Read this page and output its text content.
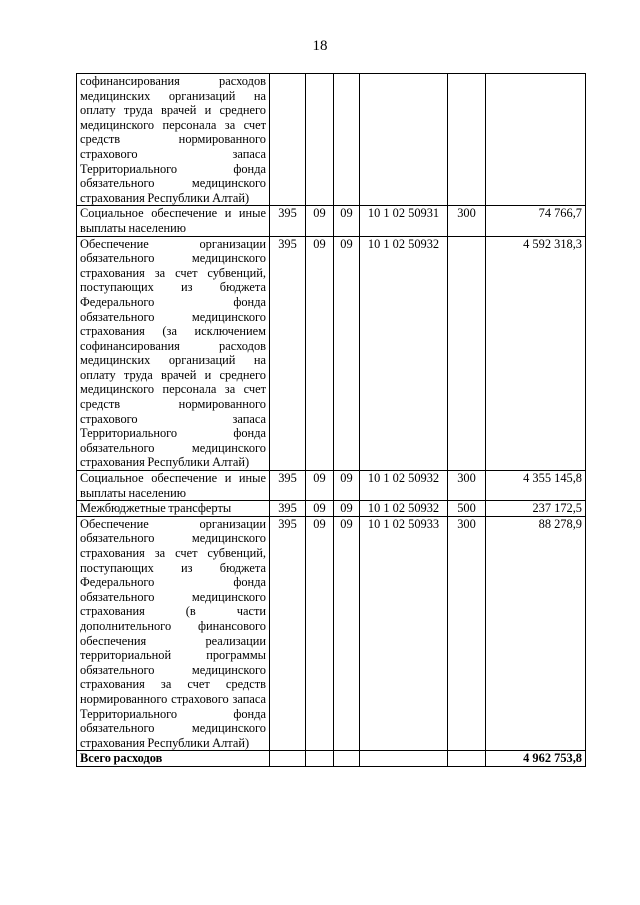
18
софинансирования расходов медицинских организаций на оплату труда врачей и среднего медицинского персонала за счет средств нормированного страхового запаса Территориального фонда обязательного медицинского страхования Республики Алтай)						
Социальное обеспечение и иные выплаты населению	395	09	09	10 1 02 50931	300	74 766,7
Обеспечение организации обязательного медицинского страхования за счет субвенций, поступающих из бюджета Федерального фонда обязательного медицинского страхования (за исключением софинансирования расходов медицинских организаций на оплату труда врачей и среднего медицинского персонала за счет средств нормированного страхового запаса Территориального фонда обязательного медицинского страхования Республики Алтай)	395	09	09	10 1 02 50932		4 592 318,3
Социальное обеспечение и иные выплаты населению	395	09	09	10 1 02 50932	300	4 355 145,8
Межбюджетные трансферты	395	09	09	10 1 02 50932	500	237 172,5
Обеспечение организации обязательного медицинского страхования за счет субвенций, поступающих из бюджета Федерального фонда обязательного медицинского страхования (в части дополнительного финансового обеспечения реализации территориальной программы обязательного медицинского страхования за счет средств нормированного страхового запаса Территориального фонда обязательного медицинского страхования Республики Алтай)	395	09	09	10 1 02 50933	300	88 278,9
Всего расходов						4 962 753,8
